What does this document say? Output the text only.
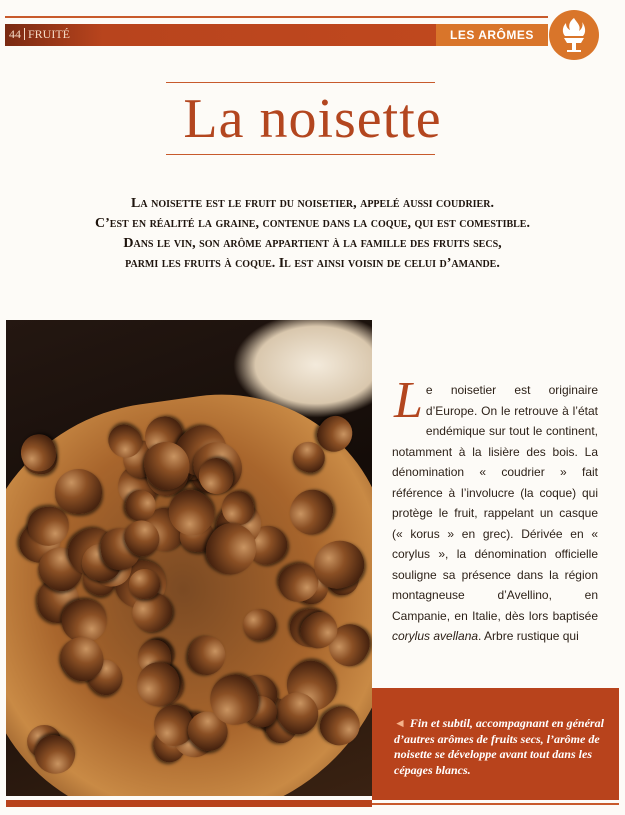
44 FRUITÉ	LES ARÔMES
La noisette
La noisette est le fruit du noisetier, appelé aussi coudrier.
C’est en réalité la graine, contenue dans la coque, qui est comestible.
Dans le vin, son arôme appartient à la famille des fruits secs,
parmi les fruits à coque. Il est ainsi voisin de celui d’amande.
Le noisetier est originaire d’Europe. On le retrouve à l’état endémique sur tout le continent, notamment à la lisière des bois. La dénomination « coudrier » fait référence à l’involucre (la coque) qui protège le fruit, rappelant un casque (« korus » en grec). Dérivée en « corylus », la dénomination officielle souligne sa présence dans la région montagneuse d’Avellino, en Campanie, en Italie, dès lors baptisée corylus avellana. Arbre rustique qui
◄ Fin et subtil, accompagnant en général d’autres arômes de fruits secs, l’arôme de noisette se développe avant tout dans les cépages blancs.
